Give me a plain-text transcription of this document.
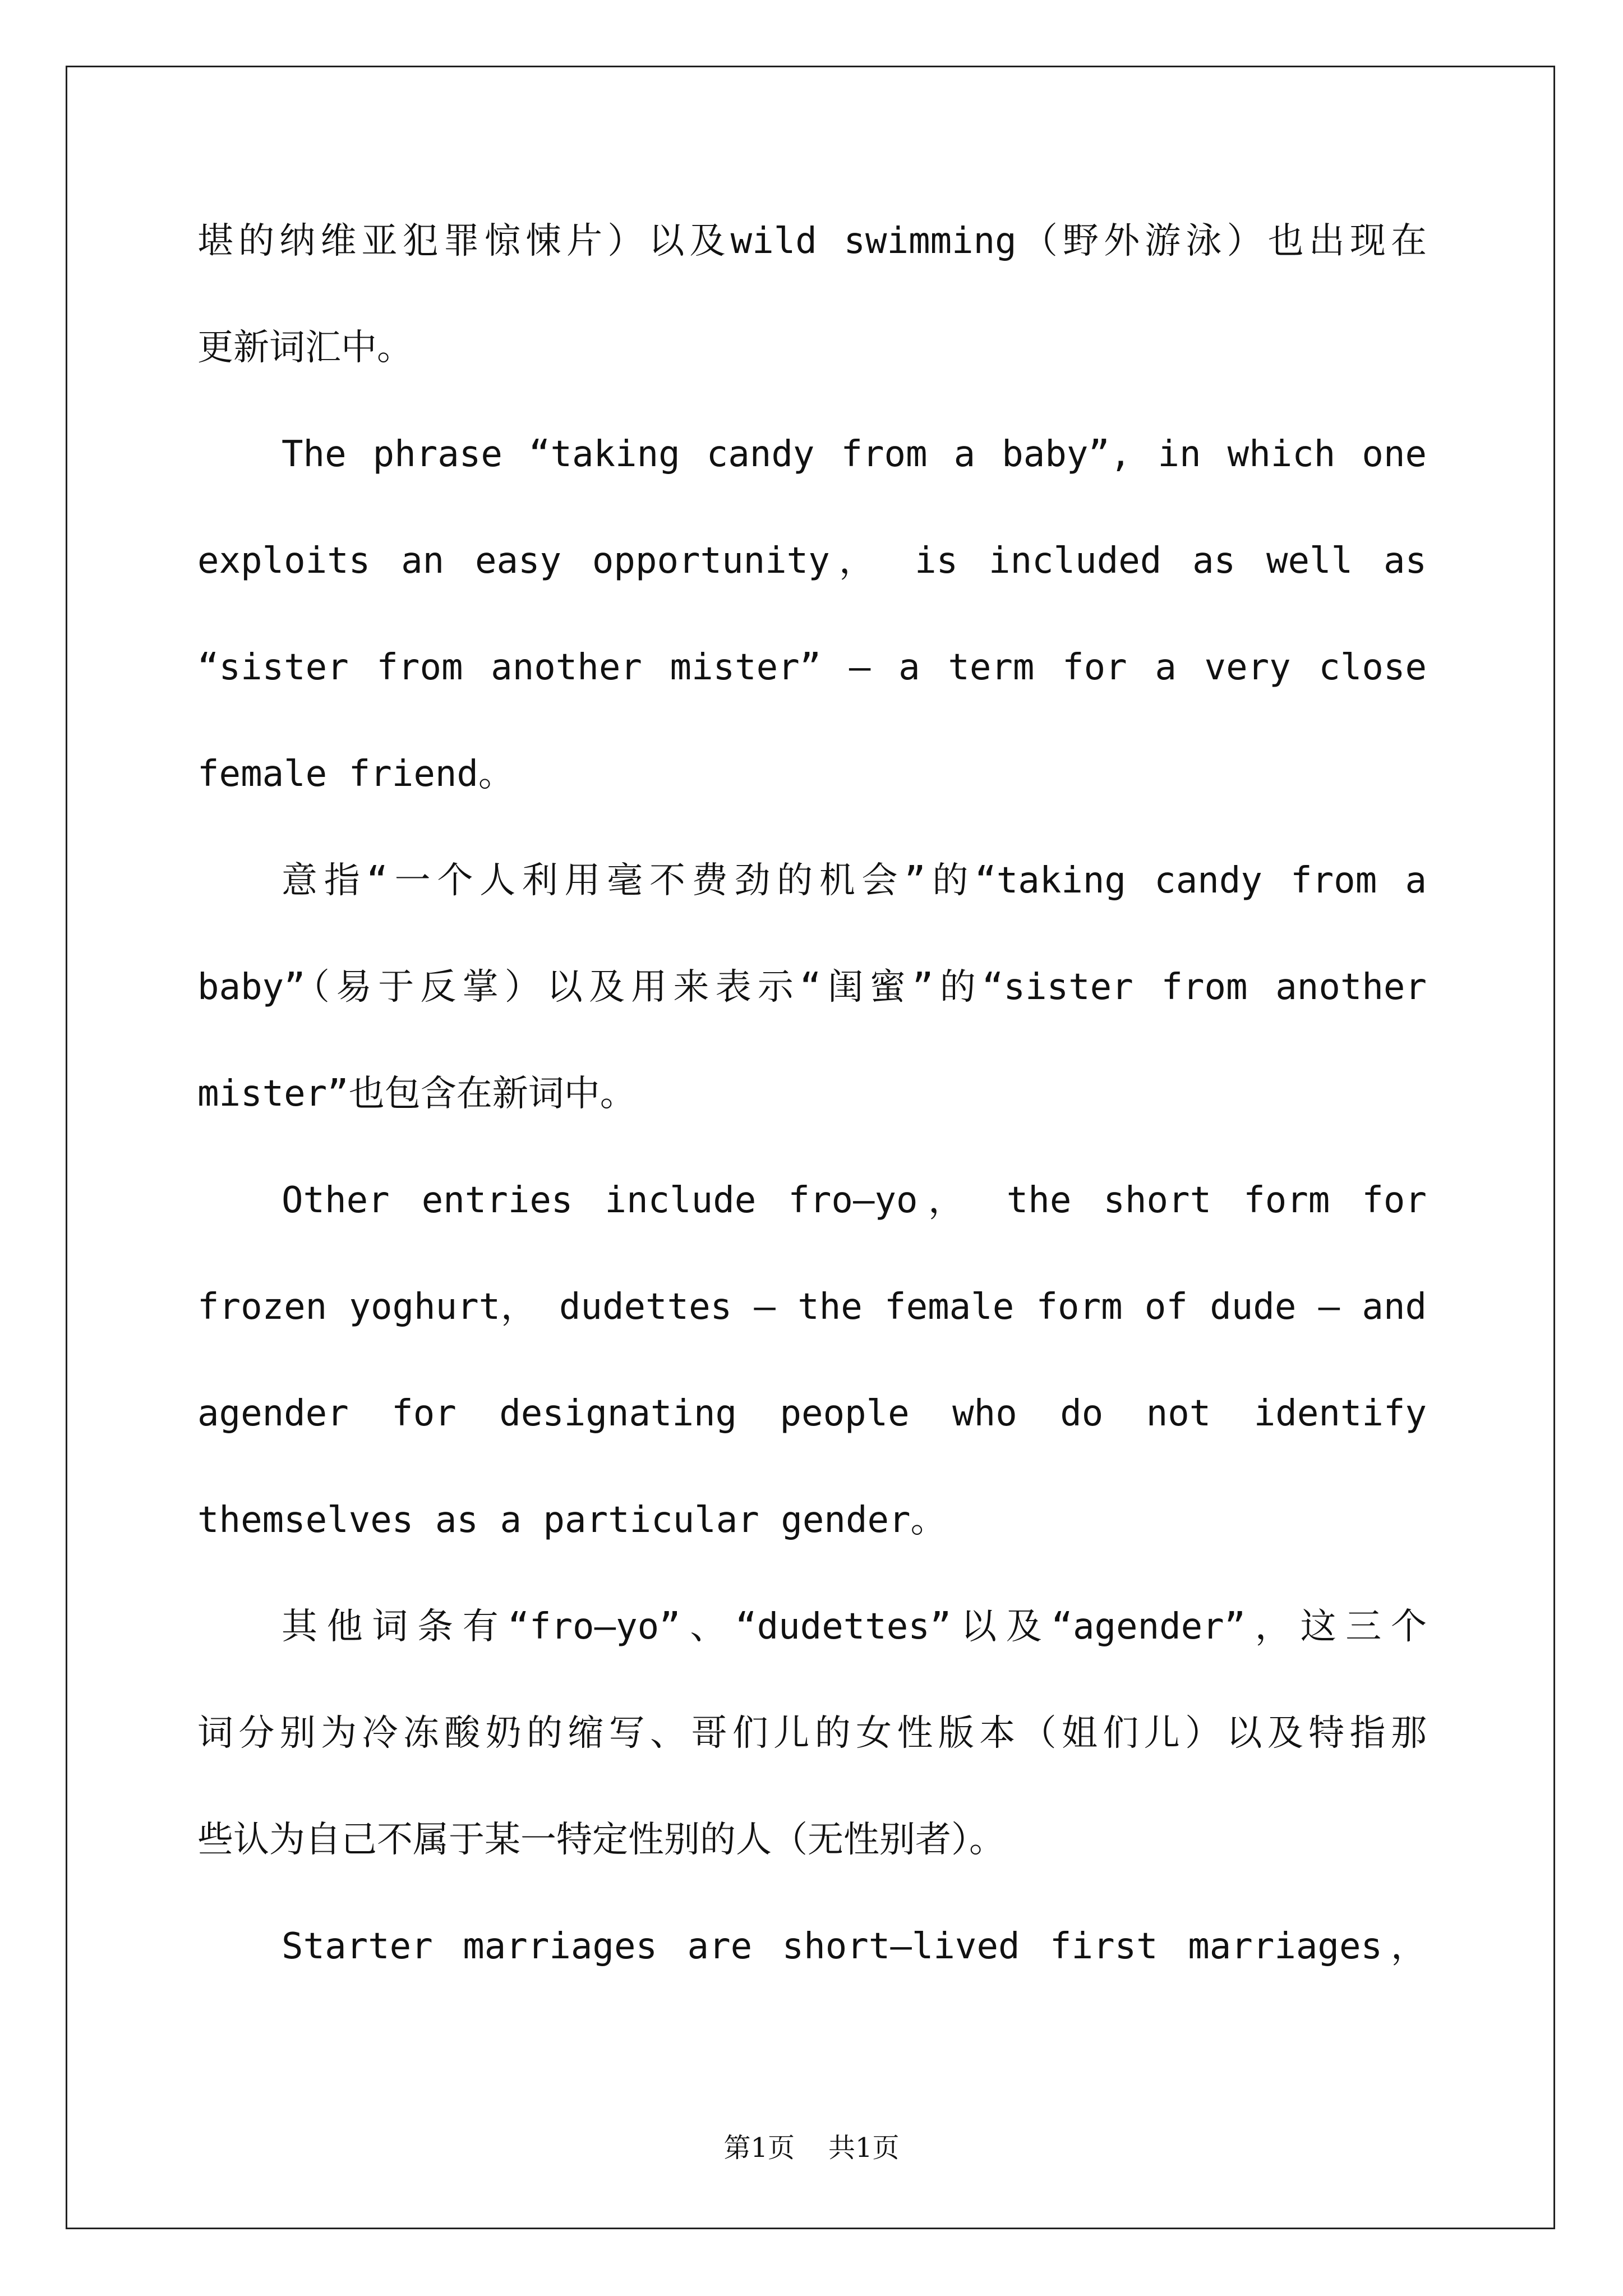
堪的纳维亚犯罪惊悚片）以及wild swimming（野外游泳）也出现在
更新词汇中。
The phrase “taking candy from a baby”, in which one
exploits an easy opportunity， is included as well as
“sister from another mister” — a term for a very close
female friend。
意指“一个人利用毫不费劲的机会”的“taking candy from a
baby”（易于反掌）以及用来表示“闺蜜”的“sister from another
mister”也包含在新词中。
Other entries include fro—yo， the short form for
frozen yoghurt， dudettes — the female form of dude — and
agender for designating people who do not identify
themselves as a particular gender。
其他词条有“fro—yo”、“dudettes”以及“agender”，这三个
词分别为冷冻酸奶的缩写、哥们儿的女性版本（姐们儿）以及特指那
些认为自己不属于某一特定性别的人（无性别者）。
Starter marriages are short—lived first marriages，
第1页 共1页
